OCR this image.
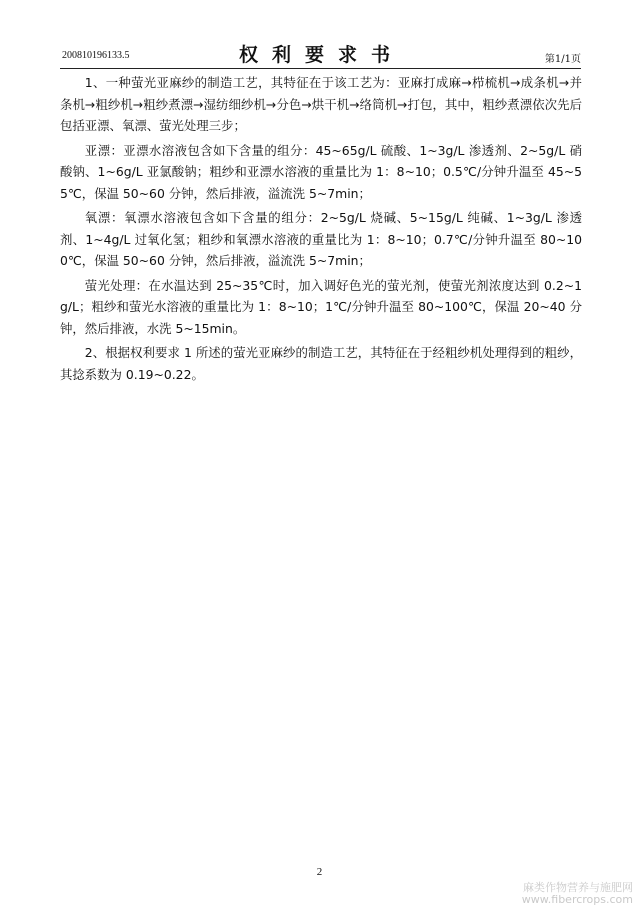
200810196133.5	权利要求书	第1/1页

1、一种萤光亚麻纱的制造工艺，其特征在于该工艺为：亚麻打成麻→栉梳机→成条机→并条机→粗纱机→粗纱煮漂→湿纺细纱机→分色→烘干机→络筒机→打包，其中，粗纱煮漂依次先后包括亚漂、氧漂、萤光处理三步；

亚漂：亚漂水溶液包含如下含量的组分：45~65g/L 硫酸、1~3g/L 渗透剂、2~5g/L 硝酸钠、1~6g/L 亚氯酸钠；粗纱和亚漂水溶液的重量比为 1：8~10；0.5℃/分钟升温至 45~55℃，保温 50~60 分钟，然后排液，溢流洗 5~7min；

氧漂：氧漂水溶液包含如下含量的组分：2~5g/L 烧碱、5~15g/L 纯碱、1~3g/L 渗透剂、1~4g/L 过氧化氢；粗纱和氧漂水溶液的重量比为 1：8~10；0.7℃/分钟升温至 80~100℃，保温 50~60 分钟，然后排液，溢流洗 5~7min；

萤光处理：在水温达到 25~35℃时，加入调好色光的萤光剂，使萤光剂浓度达到 0.2~1g/L；粗纱和萤光水溶液的重量比为 1：8~10；1℃/分钟升温至 80~100℃，保温 20~40 分钟，然后排液，水洗 5~15min。

2、根据权利要求 1 所述的萤光亚麻纱的制造工艺，其特征在于经粗纱机处理得到的粗纱，其捻系数为 0.19~0.22。

2
麻类作物营养与施肥网
www.fibercrops.com
